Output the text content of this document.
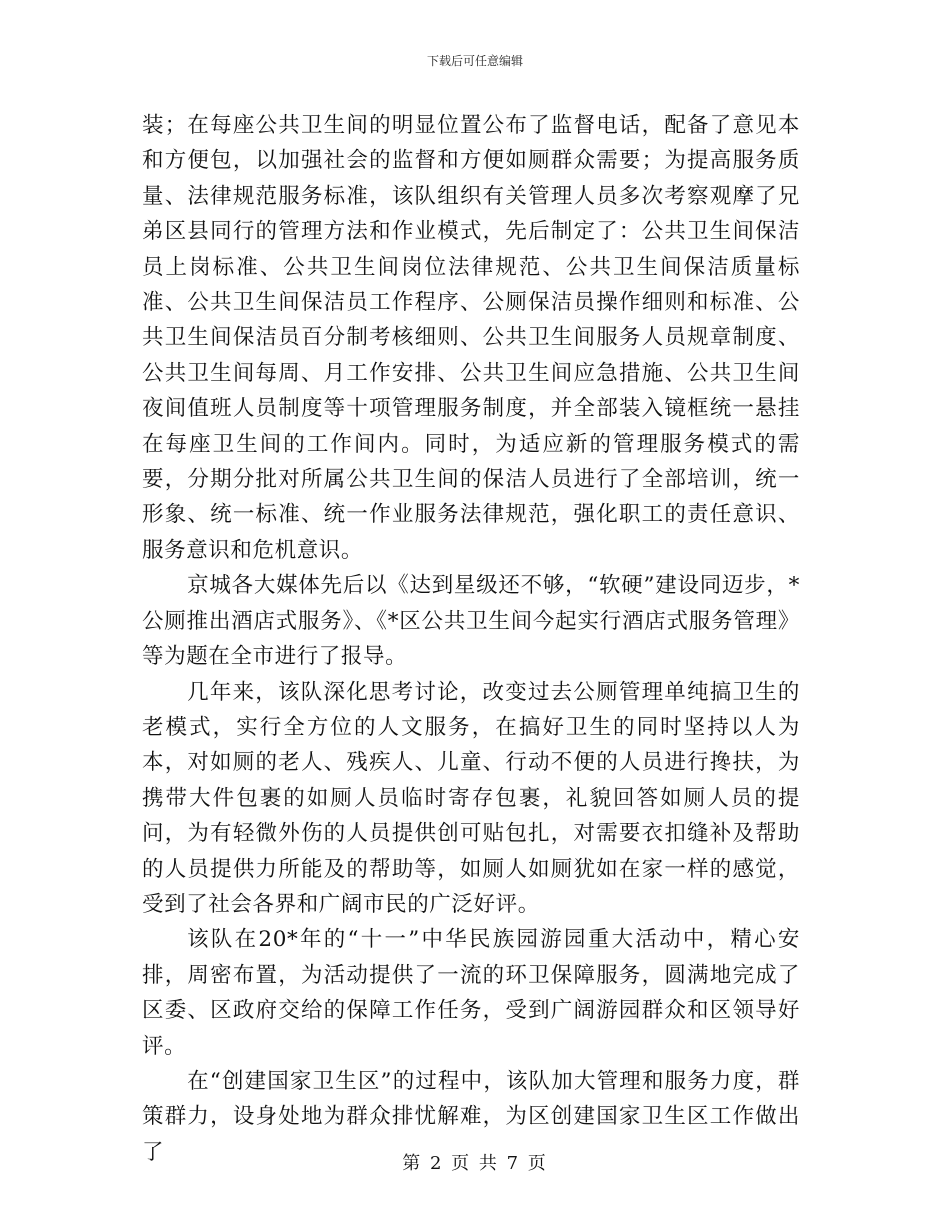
下载后可任意编辑

装；在每座公共卫生间的明显位置公布了监督电话，配备了意见本和方便包，以加强社会的监督和方便如厕群众需要；为提高服务质量、法律规范服务标准，该队组织有关管理人员多次考察观摩了兄弟区县同行的管理方法和作业模式，先后制定了：公共卫生间保洁员上岗标准、公共卫生间岗位法律规范、公共卫生间保洁质量标准、公共卫生间保洁员工作程序、公厕保洁员操作细则和标准、公共卫生间保洁员百分制考核细则、公共卫生间服务人员规章制度、公共卫生间每周、月工作安排、公共卫生间应急措施、公共卫生间夜间值班人员制度等十项管理服务制度，并全部装入镜框统一悬挂在每座卫生间的工作间内。同时，为适应新的管理服务模式的需要，分期分批对所属公共卫生间的保洁人员进行了全部培训，统一形象、统一标准、统一作业服务法律规范，强化职工的责任意识、服务意识和危机意识。

京城各大媒体先后以《达到星级还不够，“软硬”建设同迈步，*公厕推出酒店式服务》、《*区公共卫生间今起实行酒店式服务管理》等为题在全市进行了报导。

几年来，该队深化思考讨论，改变过去公厕管理单纯搞卫生的老模式，实行全方位的人文服务，在搞好卫生的同时坚持以人为本，对如厕的老人、残疾人、儿童、行动不便的人员进行搀扶，为携带大件包裹的如厕人员临时寄存包裹，礼貌回答如厕人员的提问，为有轻微外伤的人员提供创可贴包扎，对需要衣扣缝补及帮助的人员提供力所能及的帮助等，如厕人如厕犹如在家一样的感觉，受到了社会各界和广阔市民的广泛好评。

该队在20*年的“十一”中华民族园游园重大活动中，精心安排，周密布置，为活动提供了一流的环卫保障服务，圆满地完成了区委、区政府交给的保障工作任务，受到广阔游园群众和区领导好评。

在“创建国家卫生区”的过程中，该队加大管理和服务力度，群策群力，设身处地为群众排忧解难，为区创建国家卫生区工作做出了	第 2 页 共 7 页
